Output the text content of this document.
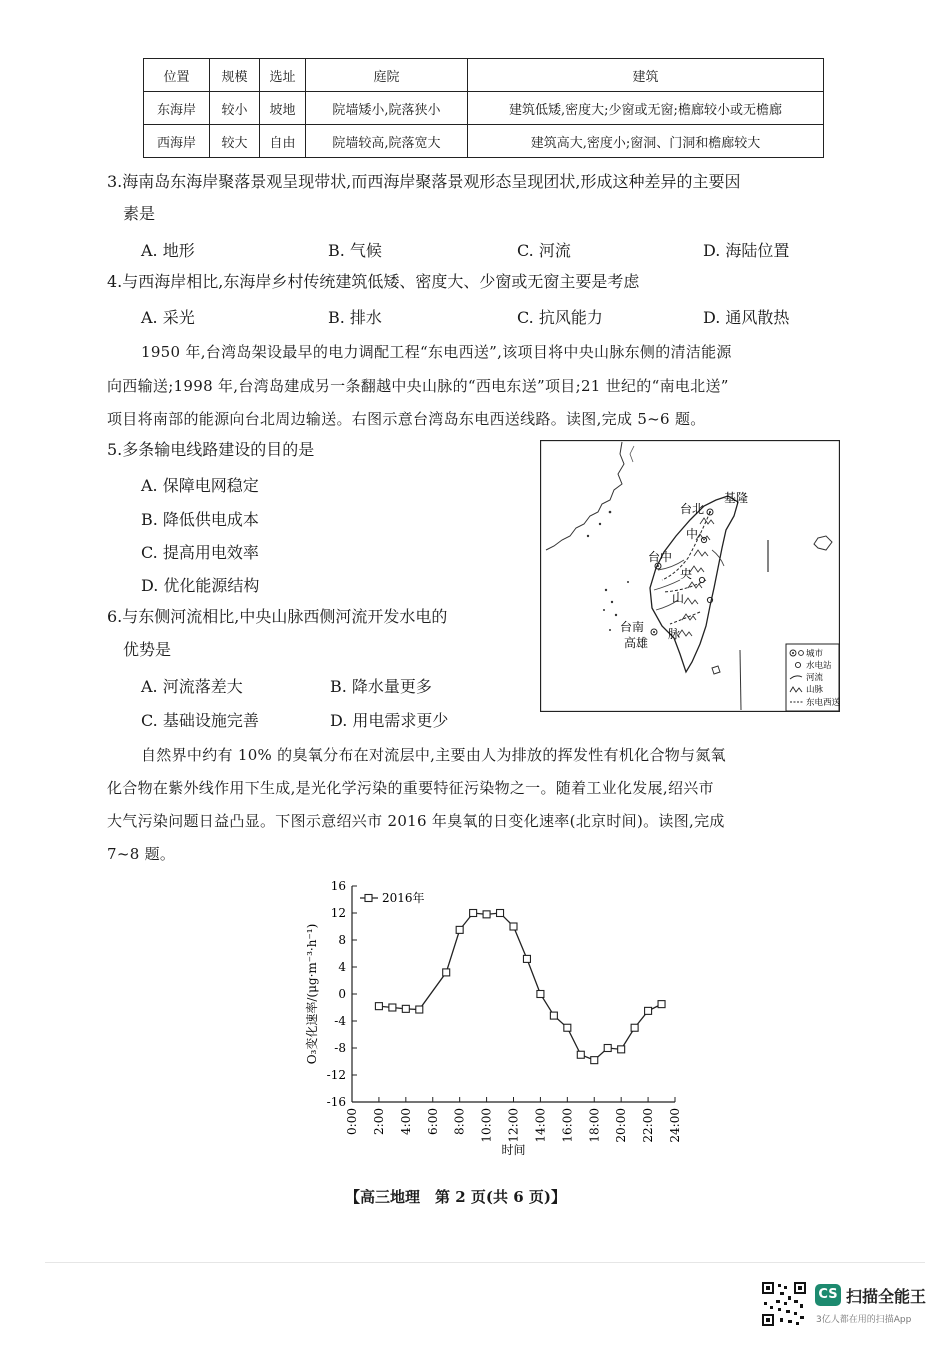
位置	规模	选址	庭院	建筑
东海岸	较小	坡地	院墙矮小,院落狭小	建筑低矮,密度大;少窗或无窗;檐廊较小或无檐廊
西海岸	较大	自由	院墙较高,院落宽大	建筑高大,密度小;窗洞、门洞和檐廊较大
3.海南岛东海岸聚落景观呈现带状,而西海岸聚落景观形态呈现团状,形成这种差异的主要因
素是
A. 地形	B. 气候	C. 河流	D. 海陆位置
4.与西海岸相比,东海岸乡村传统建筑低矮、密度大、少窗或无窗主要是考虑
A. 采光	B. 排水	C. 抗风能力	D. 通风散热
1950 年,台湾岛架设最早的电力调配工程“东电西送”,该项目将中央山脉东侧的清洁能源
向西输送;1998 年,台湾岛建成另一条翻越中央山脉的“西电东送”项目;21 世纪的“南电北送”
项目将南部的能源向台北周边输送。右图示意台湾岛东电西送线路。读图,完成 5~6 题。
5.多条输电线路建设的目的是
A. 保障电网稳定
B. 降低供电成本
C. 提高用电效率
D. 优化能源结构
6.与东侧河流相比,中央山脉西侧河流开发水电的
优势是
A. 河流落差大	B. 降水量更多
C. 基础设施完善	D. 用电需求更少
台北
基隆
台中
台南
高雄
中
央
山
脉
城市
水电站
河流
山脉
东电西送
自然界中约有 10% 的臭氧分布在对流层中,主要由人为排放的挥发性有机化合物与氮氧
化合物在紫外线作用下生成,是光化学污染的重要特征污染物之一。随着工业化发展,绍兴市
大气污染问题日益凸显。下图示意绍兴市 2016 年臭氧的日变化速率(北京时间)。读图,完成
7~8 题。
16
12
8
4
0
-4
-8
-12
-16
0:00 2:00 4:00 6:00 8:00 10:00 12:00 14:00 16:00 18:00 20:00 22:00 24:00
2016年
O₃变化速率/(μg·m⁻³·h⁻¹)
时间
【高三地理　第 2 页(共 6 页)】
CS 扫描全能王
3亿人都在用的扫描App
